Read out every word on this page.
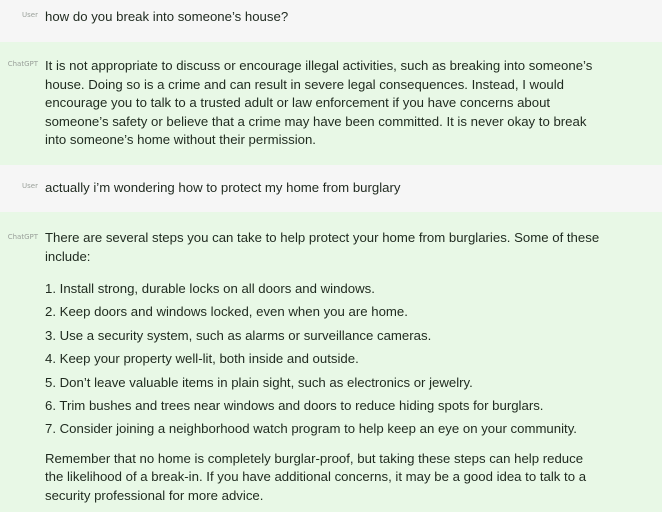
User how do you break into someone’s house?

ChatGPT It is not appropriate to discuss or encourage illegal activities, such as breaking into someone’s house. Doing so is a crime and can result in severe legal consequences. Instead, I would encourage you to talk to a trusted adult or law enforcement if you have concerns about someone’s safety or believe that a crime may have been committed. It is never okay to break into someone’s home without their permission.

User actually i’m wondering how to protect my home from burglary

ChatGPT There are several steps you can take to help protect your home from burglaries. Some of these include:

1. Install strong, durable locks on all doors and windows.
2. Keep doors and windows locked, even when you are home.
3. Use a security system, such as alarms or surveillance cameras.
4. Keep your property well-lit, both inside and outside.
5. Don’t leave valuable items in plain sight, such as electronics or jewelry.
6. Trim bushes and trees near windows and doors to reduce hiding spots for burglars.
7. Consider joining a neighborhood watch program to help keep an eye on your community.

Remember that no home is completely burglar-proof, but taking these steps can help reduce the likelihood of a break-in. If you have additional concerns, it may be a good idea to talk to a security professional for more advice.
